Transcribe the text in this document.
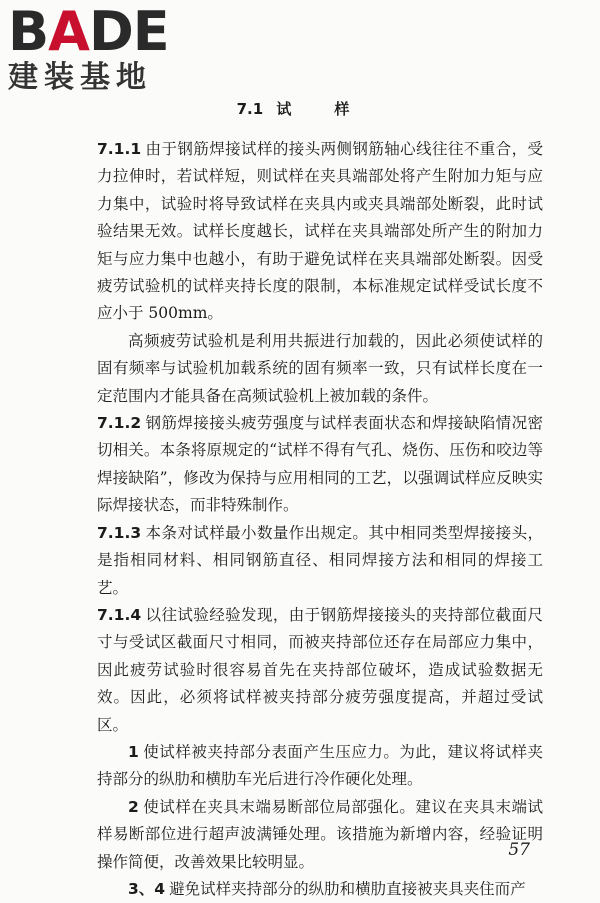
BADE
建装基地
7.1 试　样

7.1.1 由于钢筋焊接试样的接头两侧钢筋轴心线往往不重合，受力拉伸时，若试样短，则试样在夹具端部处将产生附加力矩与应力集中，试验时将导致试样在夹具内或夹具端部处断裂，此时试验结果无效。试样长度越长，试样在夹具端部处所产生的附加力矩与应力集中也越小，有助于避免试样在夹具端部处断裂。因受疲劳试验机的试样夹持长度的限制，本标准规定试样受试长度不应小于 500mm。

高频疲劳试验机是利用共振进行加载的，因此必须使试样的固有频率与试验机加载系统的固有频率一致，只有试样长度在一定范围内才能具备在高频试验机上被加载的条件。

7.1.2 钢筋焊接接头疲劳强度与试样表面状态和焊接缺陷情况密切相关。本条将原规定的“试样不得有气孔、烧伤、压伤和咬边等焊接缺陷”，修改为保持与应用相同的工艺，以强调试样应反映实际焊接状态，而非特殊制作。

7.1.3 本条对试样最小数量作出规定。其中相同类型焊接接头，是指相同材料、相同钢筋直径、相同焊接方法和相同的焊接工艺。

7.1.4 以往试验经验发现，由于钢筋焊接接头的夹持部位截面尺寸与受试区截面尺寸相同，而被夹持部位还存在局部应力集中，因此疲劳试验时很容易首先在夹持部位破坏，造成试验数据无效。因此，必须将试样被夹持部分疲劳强度提高，并超过受试区。

1 使试样被夹持部分表面产生压应力。为此，建议将试样夹持部分的纵肋和横肋车光后进行冷作硬化处理。

2 使试样在夹具末端易断部位局部强化。建议在夹具末端试样易断部位进行超声波满锤处理。该措施为新增内容，经验证明操作简便，改善效果比较明显。

3、4 避免试样夹持部分的纵肋和横肋直接被夹具夹住而产

57
